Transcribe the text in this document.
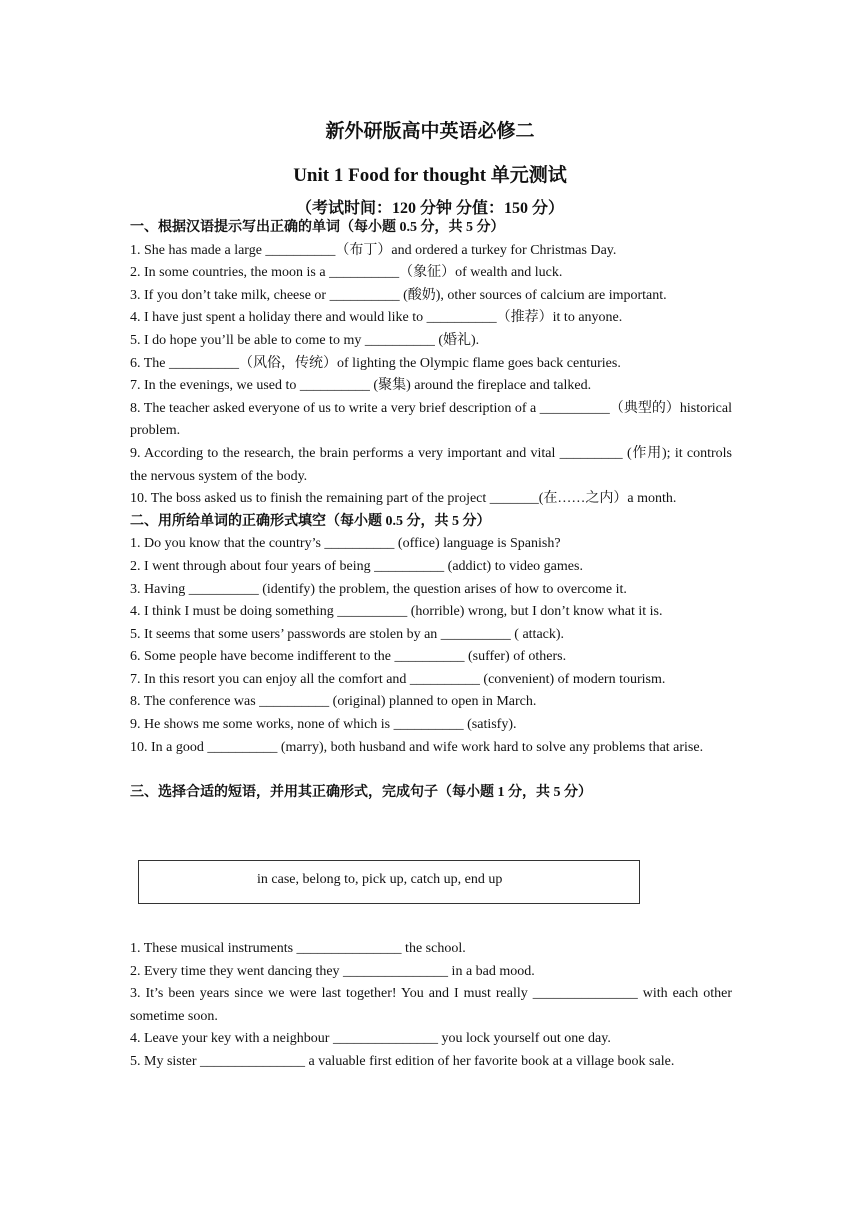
新外研版高中英语必修二
Unit 1 Food for thought 单元测试
（考试时间：120 分钟 分值：150 分）
一、根据汉语提示写出正确的单词（每小题 0.5 分，共 5 分）
1. She has made a large __________（布丁）and ordered a turkey for Christmas Day.
2. In some countries, the moon is a __________（象征）of wealth and luck.
3. If you don’t take milk, cheese or __________ (酸奶), other sources of calcium are important.
4. I have just spent a holiday there and would like to __________（推荐）it to anyone.
5. I do hope you’ll be able to come to my __________ (婚礼).
6. The __________（风俗，传统）of lighting the Olympic flame goes back centuries.
7. In the evenings, we used to __________ (聚集) around the fireplace and talked.
8. The teacher asked everyone of us to write a very brief description of a __________（典型的）historical problem.
9. According to the research, the brain performs a very important and vital _________ (作用); it controls the nervous system of the body.
10. The boss asked us to finish the remaining part of the project _______(在……之内）a month.
二、用所给单词的正确形式填空（每小题 0.5 分，共 5 分）
1. Do you know that the country’s __________ (office) language is Spanish?
2. I went through about four years of being __________ (addict) to video games.
3. Having __________ (identify) the problem, the question arises of how to overcome it.
4. I think I must be doing something __________ (horrible) wrong, but I don’t know what it is.
5. It seems that some users’ passwords are stolen by an __________ ( attack).
6. Some people have become indifferent to the __________ (suffer) of others.
7. In this resort you can enjoy all the comfort and __________ (convenient) of modern tourism.
8. The conference was __________ (original) planned to open in March.
9. He shows me some works, none of which is __________ (satisfy).
10. In a good __________ (marry), both husband and wife work hard to solve any problems that arise.
三、选择合适的短语，并用其正确形式，完成句子（每小题 1 分，共 5 分）
in case, belong to, pick up, catch up, end up
1. These musical instruments _______________ the school.
2. Every time they went dancing they _______________ in a bad mood.
3. It’s been years since we were last together! You and I must really _______________ with each other sometime soon.
4. Leave your key with a neighbour _______________ you lock yourself out one day.
5. My sister _______________ a valuable first edition of her favorite book at a village book sale.
